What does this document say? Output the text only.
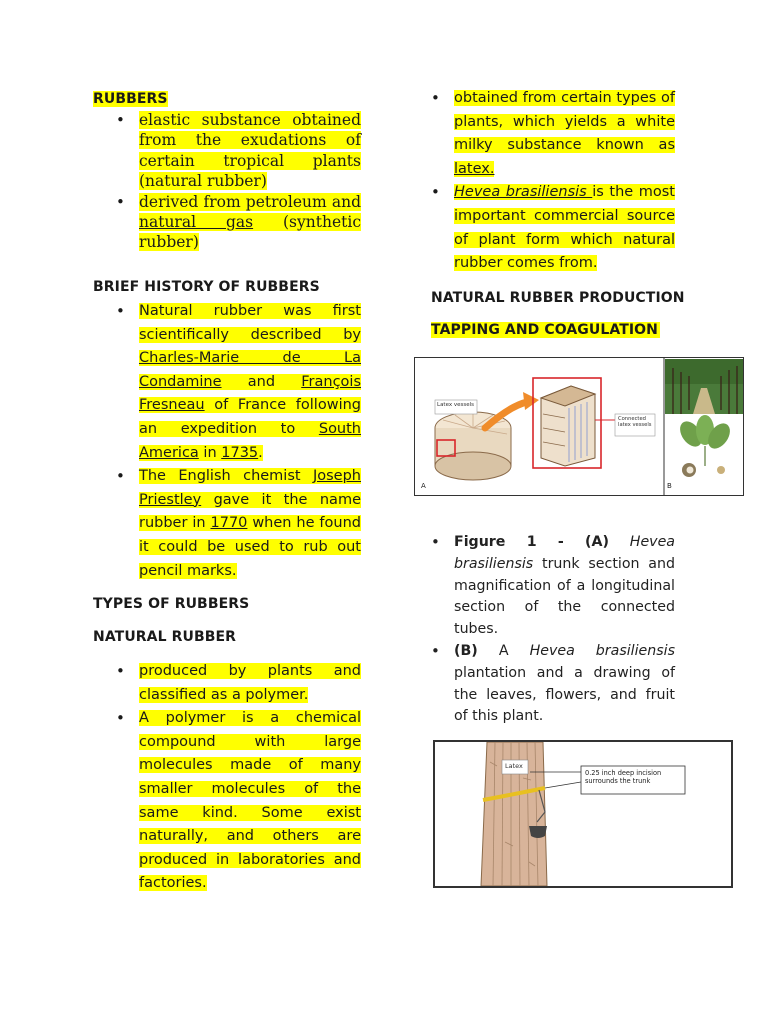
RUBBERS
• elastic substance obtained from the exudations of certain tropical plants (natural rubber)
• derived from petroleum and natural gas (synthetic rubber)
BRIEF HISTORY OF RUBBERS
• Natural rubber was first scientifically described by Charles-Marie de La Condamine and François Fresneau of France following an expedition to South America in 1735.
• The English chemist Joseph Priestley gave it the name rubber in 1770 when he found it could be used to rub out pencil marks.
TYPES OF RUBBERS
NATURAL RUBBER
• produced by plants and classified as a polymer.
• A polymer is a chemical compound with large molecules made of many smaller molecules of the same kind. Some exist naturally, and others are produced in laboratories and factories.
• obtained from certain types of plants, which yields a white milky substance known as latex.
• Hevea brasiliensis is the most important commercial source of plant form which natural rubber comes from.
NATURAL RUBBER PRODUCTION
TAPPING AND COAGULATION
Latex vessels
Connected latex vessels
A	B
• Figure 1 - (A) Hevea brasiliensis trunk section and magnification of a longitudinal section of the connected tubes.
• (B) A Hevea brasiliensis plantation and a drawing of the leaves, flowers, and fruit of this plant.
Latex
0.25 inch deep incision surrounds the trunk
